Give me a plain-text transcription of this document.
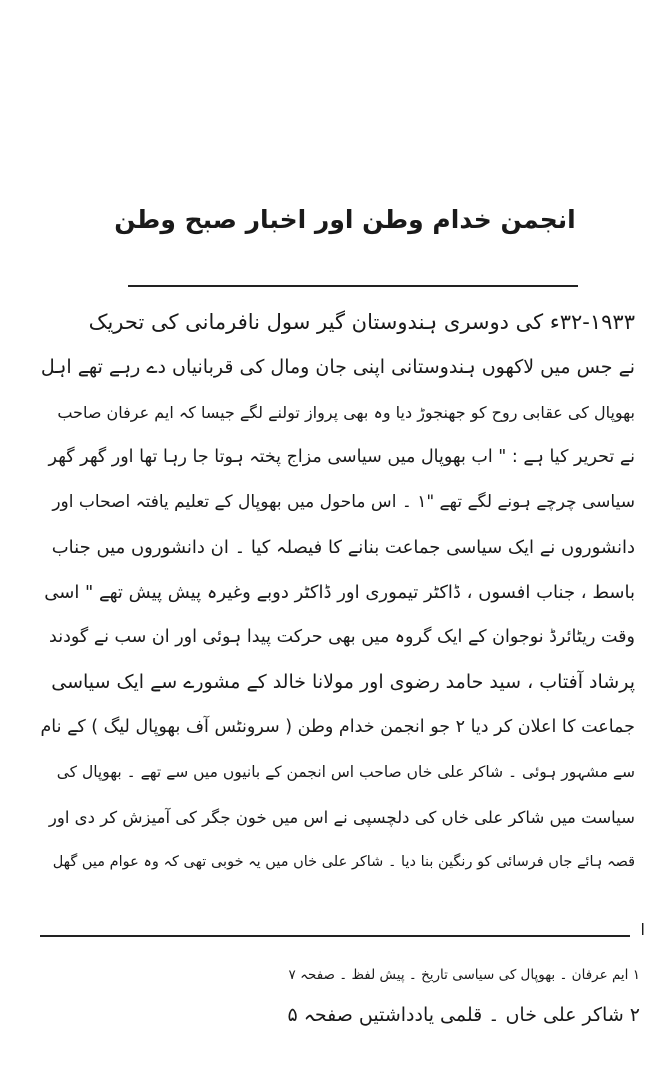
انجمن خدام وطن اور اخبار صبح وطن
۳۲-۱۹۳۳ء کی دوسری ہندوستان گیر سول نافرمانی کی تحریک
نے جس میں لاکھوں ہندوستانی اپنی جان ومال کی قربانیاں دے رہے تھے اہل
بھوپال کی عقابی روح کو جھنجوڑ دیا وہ بھی پرواز تولنے لگے جیسا کہ ایم عرفان صاحب
نے تحریر کیا ہے : " اب بھوپال میں سیاسی مزاج پختہ ہوتا جا رہا تھا اور گھر گھر
سیاسی چرچے ہونے لگے تھے "۱ ۔ اس ماحول میں بھوپال کے تعلیم یافتہ اصحاب اور
دانشوروں نے ایک سیاسی جماعت بنانے کا فیصلہ کیا ۔ ان دانشوروں میں جناب
باسط ، جناب افسوں ، ڈاکٹر تیموری اور ڈاکٹر دوبے وغیرہ پیش پیش تھے " اسی
وقت ریٹائرڈ نوجوان کے ایک گروہ میں بھی حرکت پیدا ہوئی اور ان سب نے گودند
پرشاد آفتاب ، سید حامد رضوی اور مولانا خالد کے مشورے سے ایک سیاسی
جماعت کا اعلان کر دیا ۲ جو انجمن خدام وطن ( سرونٹس آف بھوپال لیگ ) کے نام
سے مشہور ہوئی ۔ شاکر علی خاں صاحب اس انجمن کے بانیوں میں سے تھے ۔ بھوپال کی
سیاست میں شاکر علی خاں کی دلچسپی نے اس میں خون جگر کی آمیزش کر دی اور
قصہ ہائے جاں فرسائی کو رنگین بنا دیا ۔ شاکر علی خاں میں یہ خوبی تھی کہ وہ عوام میں گھل
ا
۱ ایم عرفان ۔ بھوپال کی سیاسی تاریخ ۔ پیش لفظ ۔ صفحہ ۷
۲ شاکر علی خاں ۔ قلمی یادداشتیں صفحہ ۵
